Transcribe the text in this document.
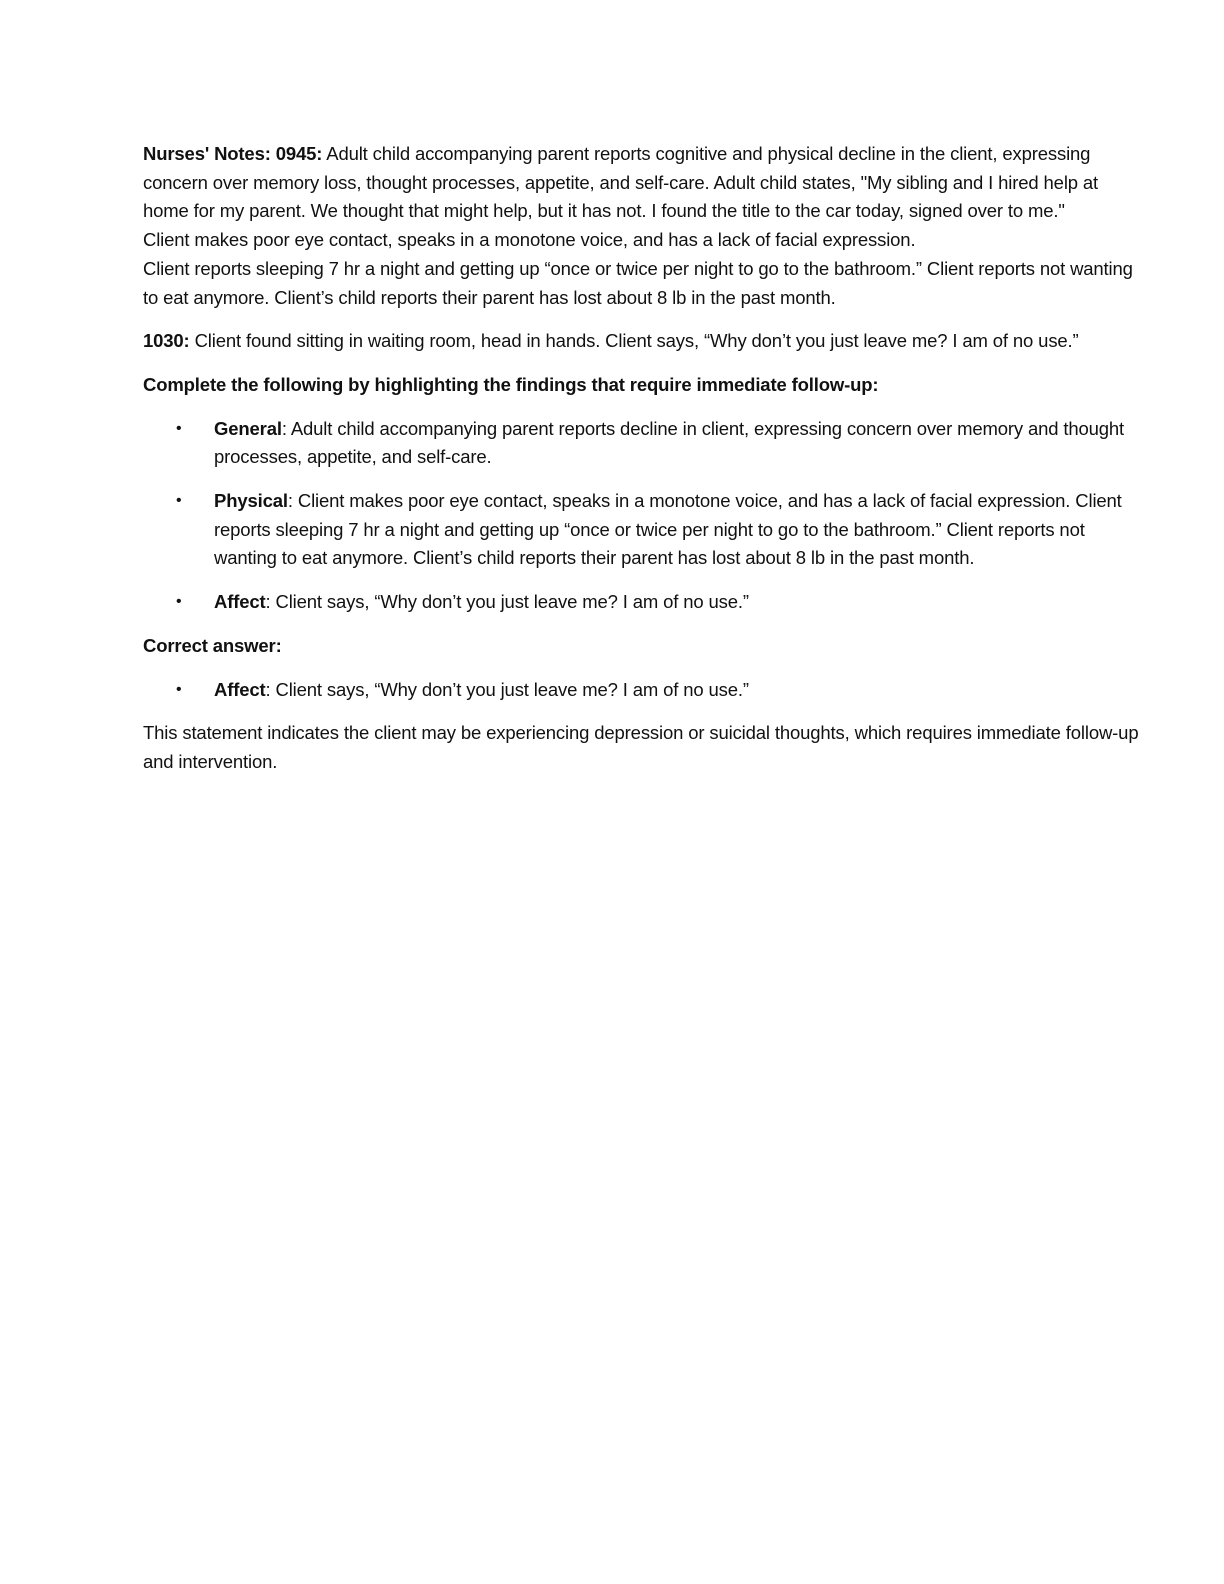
Nurses' Notes: 0945: Adult child accompanying parent reports cognitive and physical decline in the client, expressing concern over memory loss, thought processes, appetite, and self-care. Adult child states, "My sibling and I hired help at home for my parent. We thought that might help, but it has not. I found the title to the car today, signed over to me."

Client makes poor eye contact, speaks in a monotone voice, and has a lack of facial expression.

Client reports sleeping 7 hr a night and getting up “once or twice per night to go to the bathroom.” Client reports not wanting to eat anymore. Client’s child reports their parent has lost about 8 lb in the past month.

1030: Client found sitting in waiting room, head in hands. Client says, “Why don’t you just leave me? I am of no use.”

Complete the following by highlighting the findings that require immediate follow-up:

• General: Adult child accompanying parent reports decline in client, expressing concern over memory and thought processes, appetite, and self-care.
• Physical: Client makes poor eye contact, speaks in a monotone voice, and has a lack of facial expression. Client reports sleeping 7 hr a night and getting up “once or twice per night to go to the bathroom.” Client reports not wanting to eat anymore. Client’s child reports their parent has lost about 8 lb in the past month.
• Affect: Client says, “Why don’t you just leave me? I am of no use.”

Correct answer:

• Affect: Client says, “Why don’t you just leave me? I am of no use.”

This statement indicates the client may be experiencing depression or suicidal thoughts, which requires immediate follow-up and intervention.
